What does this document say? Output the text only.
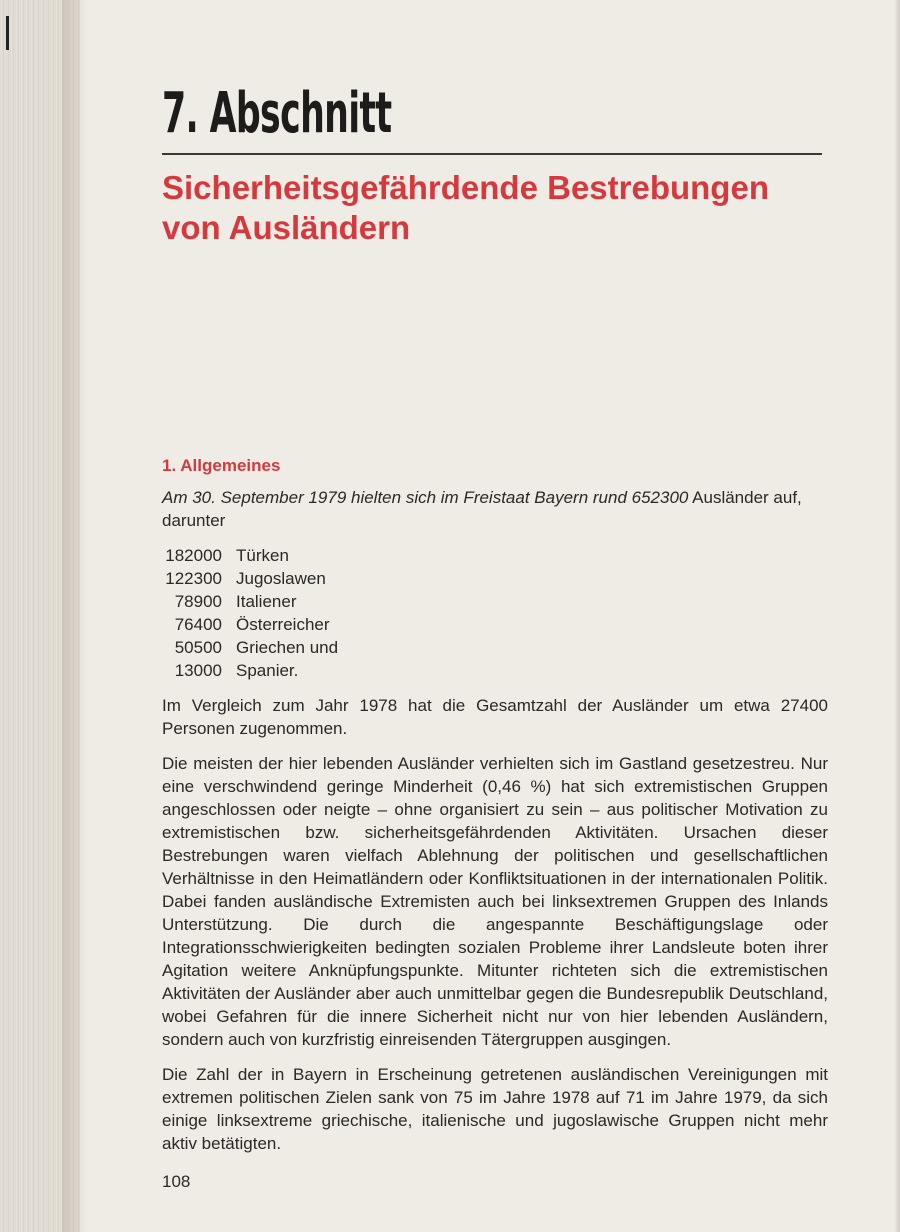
7. Abschnitt
Sicherheitsgefährdende Bestrebungen
von Ausländern
1. Allgemeines

Am 30. September 1979 hielten sich im Freistaat Bayern rund 652300 Ausländer auf, darunter

182000 Türken
122300 Jugoslawen
78900 Italiener
76400 Österreicher
50500 Griechen und
13000 Spanier.

Im Vergleich zum Jahr 1978 hat die Gesamtzahl der Ausländer um etwa 27400 Personen zugenommen.

Die meisten der hier lebenden Ausländer verhielten sich im Gastland gesetzestreu. Nur eine verschwindend geringe Minderheit (0,46 %) hat sich extremistischen Gruppen angeschlossen oder neigte – ohne organisiert zu sein – aus politischer Motivation zu extremistischen bzw. sicherheitsgefährdenden Aktivitäten. Ursachen dieser Bestrebungen waren vielfach Ablehnung der politischen und gesellschaftlichen Verhältnisse in den Heimatländern oder Konfliktsituationen in der internationalen Politik. Dabei fanden ausländische Extremisten auch bei linksextremen Gruppen des Inlands Unterstützung. Die durch die angespannte Beschäftigungslage oder Integrationsschwierigkeiten bedingten sozialen Probleme ihrer Landsleute boten ihrer Agitation weitere Anknüpfungspunkte. Mitunter richteten sich die extremistischen Aktivitäten der Ausländer aber auch unmittelbar gegen die Bundesrepublik Deutschland, wobei Gefahren für die innere Sicherheit nicht nur von hier lebenden Ausländern, sondern auch von kurzfristig einreisenden Tätergruppen ausgingen.

Die Zahl der in Bayern in Erscheinung getretenen ausländischen Vereinigungen mit extremen politischen Zielen sank von 75 im Jahre 1978 auf 71 im Jahre 1979, da sich einige linksextreme griechische, italienische und jugoslawische Gruppen nicht mehr aktiv betätigten.

108
